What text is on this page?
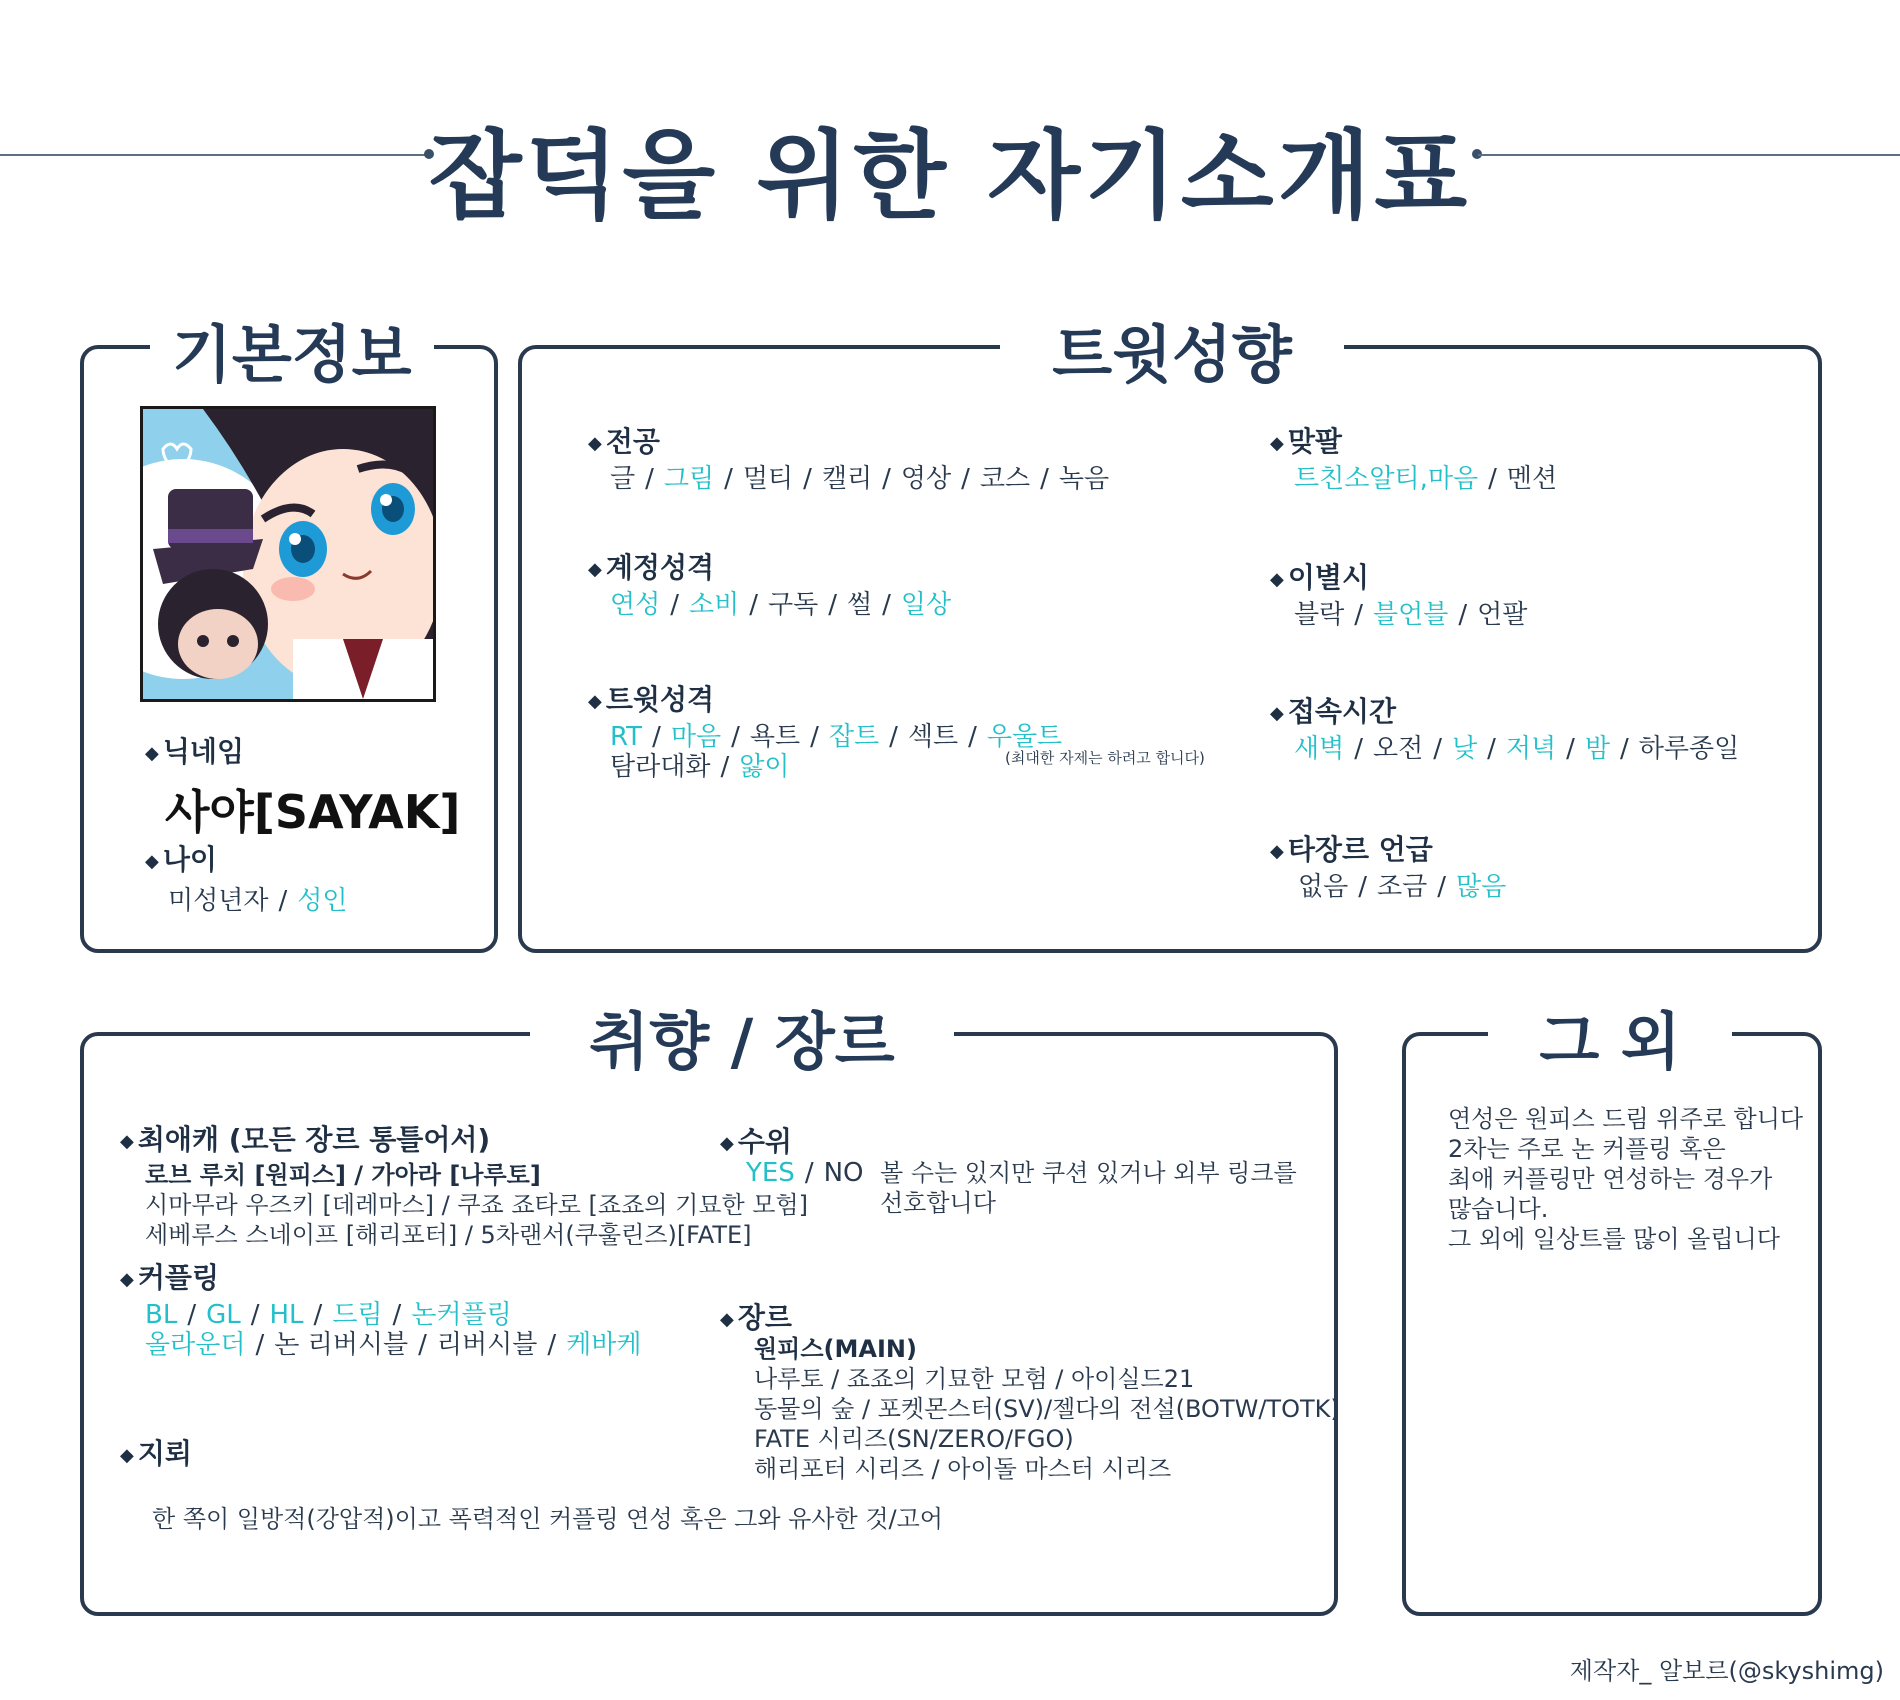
잡덕을 위한 자기소개표
기본정보
◆ 닉네임
사야[SAYAK]
◆ 나이
미성년자 / 성인
트윗성향
◆ 전공
글 / 그림 / 멀티 / 캘리 / 영상 / 코스 / 녹음
◆ 계정성격
연성 / 소비 / 구독 / 썰 / 일상
◆ 트윗성격
RT / 마음 / 욕트 / 잡트 / 섹트 / 우울트
탐라대화 / 앓이	(최대한 자제는 하려고 합니다)
◆ 맞팔
트친소알티,마음 / 멘션
◆ 이별시
블락 / 블언블 / 언팔
◆ 접속시간
새벽 / 오전 / 낮 / 저녁 / 밤 / 하루종일
◆ 타장르 언급
없음 / 조금 / 많음
취향 / 장르
◆ 최애캐 (모든 장르 통틀어서)
로브 루치 [원피스] / 가아라 [나루토]
시마무라 우즈키 [데레마스] / 쿠죠 죠타로 [죠죠의 기묘한 모험]
세베루스 스네이프 [해리포터] / 5차랜서(쿠훌린즈)[FATE]
◆ 커플링
BL / GL / HL / 드림 / 논커플링
올라운더 / 논 리버시블 / 리버시블 / 케바케
◆ 수위
YES / NO 볼 수는 있지만 쿠션 있거나 외부 링크를
선호합니다
◆ 장르
원피스(MAIN)
나루토 / 죠죠의 기묘한 모험 / 아이실드21
동물의 숲 / 포켓몬스터(SV)/젤다의 전설(BOTW/TOTK)
FATE 시리즈(SN/ZERO/FGO)
해리포터 시리즈 / 아이돌 마스터 시리즈
◆ 지뢰
한 쪽이 일방적(강압적)이고 폭력적인 커플링 연성 혹은 그와 유사한 것/고어
그 외
연성은 원피스 드림 위주로 합니다
2차는 주로 논 커플링 혹은
최애 커플링만 연성하는 경우가
많습니다.
그 외에 일상트를 많이 올립니다
제작자_ 알보르(@skyshimg)
